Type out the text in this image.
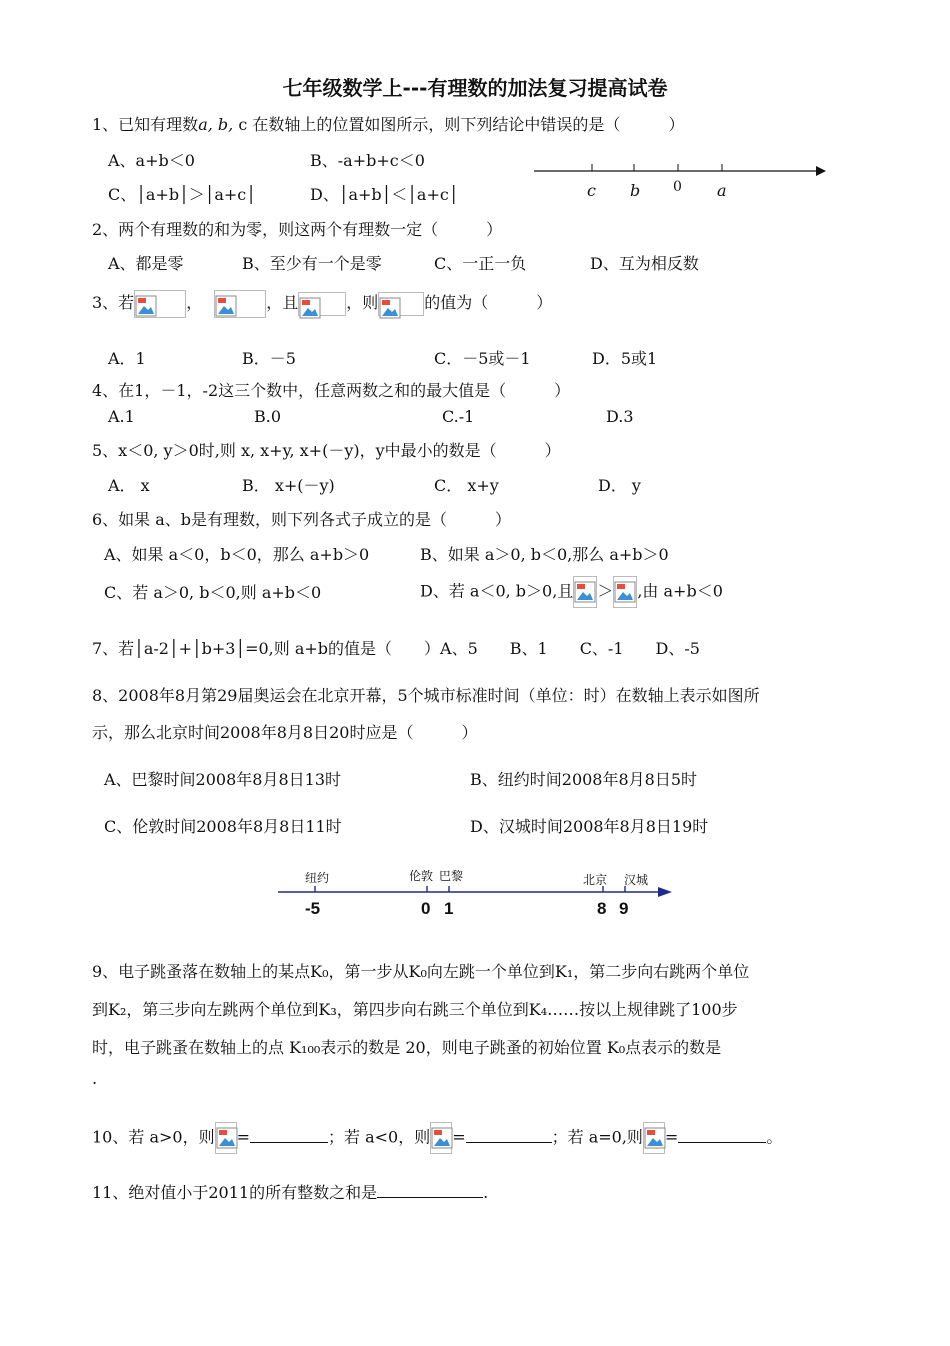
七年级数学上---有理数的加法复习提高试卷
1、已知有理数a, b, c 在数轴上的位置如图所示，则下列结论中错误的是（　　　）
A、a+b＜0	B、-a+b+c＜0
C、│a+b│＞│a+c│	D、│a+b│＜│a+c│	c b 0 a
2、两个有理数的和为零，则这两个有理数一定（　　　）
A、都是零	B、至少有一个是零	C、一正一负	D、互为相反数
3、若	，	，且	，则	的值为（　　　）
A．1	B．－5	C．－5或－1	D．5或1
4、在1，－1，-2这三个数中，任意两数之和的最大值是（　　　）
A.1	B.0	C.-1	D.3
5、x＜0, y＞0时,则 x, x+y, x+(－y)，y中最小的数是（　　　）
A． x	B． x+(－y)	C． x+y	D． y
6、如果 a、b是有理数，则下列各式子成立的是（　　　）
A、如果 a＜0，b＜0，那么 a+b＞0	B、如果 a＞0, b＜0,那么 a+b＞0
C、若 a＞0, b＜0,则 a+b＜0	D、若 a＜0, b＞0,且 ＞ ,由 a+b＜0
7、若│a-2│+│b+3│=0,则 a+b的值是（　　）A、5　　B、1　　C、-1　　D、-5
8、2008年8月第29届奥运会在北京开幕，5个城市标准时间（单位：时）在数轴上表示如图所
示，那么北京时间2008年8月8日20时应是（　　　）
A、巴黎时间2008年8月8日13时	B、纽约时间2008年8月8日5时
C、伦敦时间2008年8月8日11时	D、汉城时间2008年8月8日19时
纽约	伦敦 巴黎	北京 汉城
-5	0 1	8 9
9、电子跳蚤落在数轴上的某点K₀，第一步从K₀向左跳一个单位到K₁，第二步向右跳两个单位
到K₂，第三步向左跳两个单位到K₃，第四步向右跳三个单位到K₄……按以上规律跳了100步
时，电子跳蚤在数轴上的点 K₁₀₀表示的数是 20，则电子跳蚤的初始位置 K₀点表示的数是
.
10、若 a>0，则 =	；若 a<0，则 =	；若 a=0,则 =	。
11、绝对值小于2011的所有整数之和是	.
